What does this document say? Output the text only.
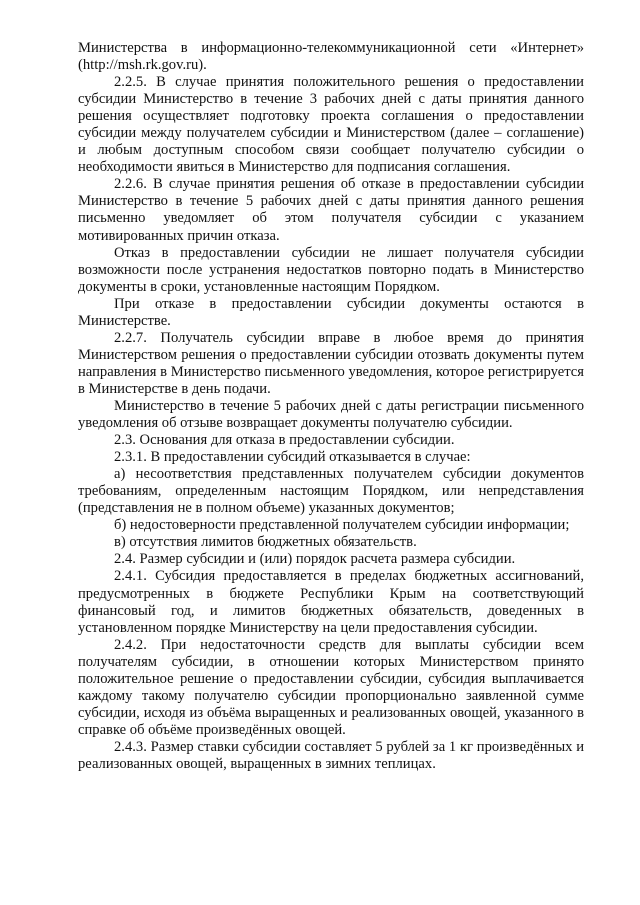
Министерства в информационно-телекоммуникационной сети «Интернет» (http://msh.rk.gov.ru).

2.2.5. В случае принятия положительного решения о предоставлении субсидии Министерство в течение 3 рабочих дней с даты принятия данного решения осуществляет подготовку проекта соглашения о предоставлении субсидии между получателем субсидии и Министерством (далее – соглашение) и любым доступным способом связи сообщает получателю субсидии о необходимости явиться в Министерство для подписания соглашения.

2.2.6. В случае принятия решения об отказе в предоставлении субсидии Министерство в течение 5 рабочих дней с даты принятия данного решения письменно уведомляет об этом получателя субсидии с указанием мотивированных причин отказа.

Отказ в предоставлении субсидии не лишает получателя субсидии возможности после устранения недостатков повторно подать в Министерство документы в сроки, установленные настоящим Порядком.

При отказе в предоставлении субсидии документы остаются в Министерстве.

2.2.7. Получатель субсидии вправе в любое время до принятия Министерством решения о предоставлении субсидии отозвать документы путем направления в Министерство письменного уведомления, которое регистрируется в Министерстве в день подачи.

Министерство в течение 5 рабочих дней с даты регистрации письменного уведомления об отзыве возвращает документы получателю субсидии.

2.3. Основания для отказа в предоставлении субсидии.

2.3.1. В предоставлении субсидий отказывается в случае:

а) несоответствия представленных получателем субсидии документов требованиям, определенным настоящим Порядком, или непредставления (представления не в полном объеме) указанных документов;

б) недостоверности представленной получателем субсидии информации;

в) отсутствия лимитов бюджетных обязательств.

2.4. Размер субсидии и (или) порядок расчета размера субсидии.

2.4.1. Субсидия предоставляется в пределах бюджетных ассигнований, предусмотренных в бюджете Республики Крым на соответствующий финансовый год, и лимитов бюджетных обязательств, доведенных в установленном порядке Министерству на цели предоставления субсидии.

2.4.2. При недостаточности средств для выплаты субсидии всем получателям субсидии, в отношении которых Министерством принято положительное решение о предоставлении субсидии, субсидия выплачивается каждому такому получателю субсидии пропорционально заявленной сумме субсидии, исходя из объёма выращенных и реализованных овощей, указанного в справке об объёме произведённых овощей.

2.4.3. Размер ставки субсидии составляет 5 рублей за 1 кг произведённых и реализованных овощей, выращенных в зимних теплицах.
